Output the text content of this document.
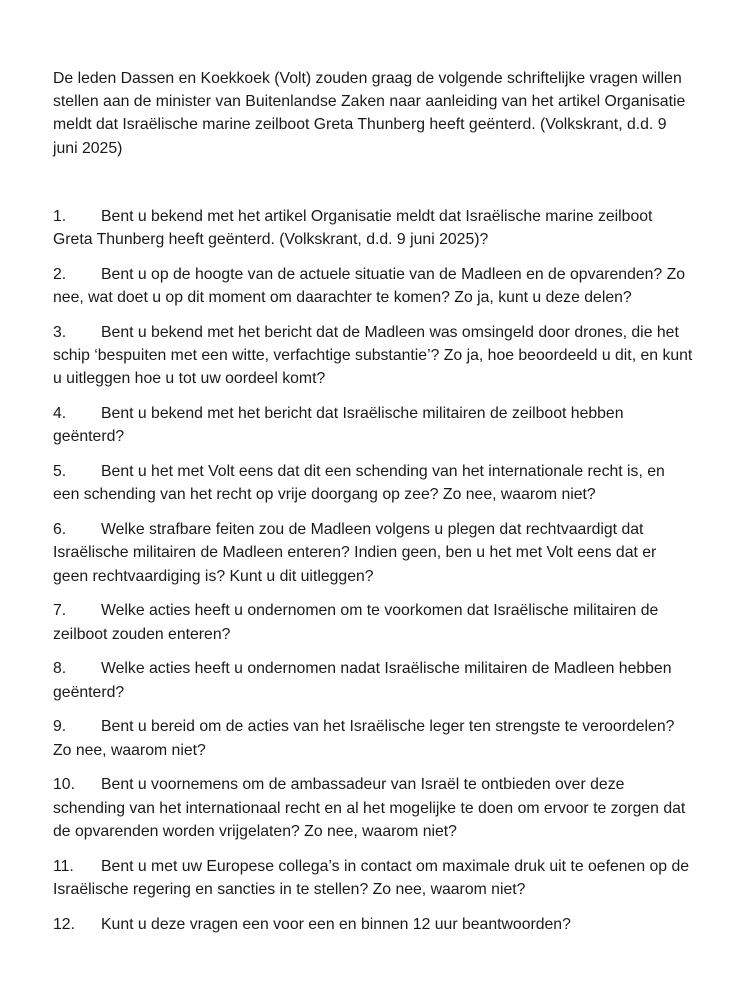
De leden Dassen en Koekkoek (Volt) zouden graag de volgende schriftelijke vragen willen stellen aan de minister van Buitenlandse Zaken naar aanleiding van het artikel Organisatie meldt dat Israëlische marine zeilboot Greta Thunberg heeft geënterd. (Volkskrant, d.d. 9 juni 2025)

1. Bent u bekend met het artikel Organisatie meldt dat Israëlische marine zeilboot Greta Thunberg heeft geënterd. (Volkskrant, d.d. 9 juni 2025)?
2. Bent u op de hoogte van de actuele situatie van de Madleen en de opvarenden? Zo nee, wat doet u op dit moment om daarachter te komen? Zo ja, kunt u deze delen?
3. Bent u bekend met het bericht dat de Madleen was omsingeld door drones, die het schip ‘bespuiten met een witte, verfachtige substantie’? Zo ja, hoe beoordeeld u dit, en kunt u uitleggen hoe u tot uw oordeel komt?
4. Bent u bekend met het bericht dat Israëlische militairen de zeilboot hebben geënterd?
5. Bent u het met Volt eens dat dit een schending van het internationale recht is, en een schending van het recht op vrije doorgang op zee? Zo nee, waarom niet?
6. Welke strafbare feiten zou de Madleen volgens u plegen dat rechtvaardigt dat Israëlische militairen de Madleen enteren? Indien geen, ben u het met Volt eens dat er geen rechtvaardiging is? Kunt u dit uitleggen?
7. Welke acties heeft u ondernomen om te voorkomen dat Israëlische militairen de zeilboot zouden enteren?
8. Welke acties heeft u ondernomen nadat Israëlische militairen de Madleen hebben geënterd?
9. Bent u bereid om de acties van het Israëlische leger ten strengste te veroordelen? Zo nee, waarom niet?
10. Bent u voornemens om de ambassadeur van Israël te ontbieden over deze schending van het internationaal recht en al het mogelijke te doen om ervoor te zorgen dat de opvarenden worden vrijgelaten? Zo nee, waarom niet?
11. Bent u met uw Europese collega’s in contact om maximale druk uit te oefenen op de Israëlische regering en sancties in te stellen? Zo nee, waarom niet?
12. Kunt u deze vragen een voor een en binnen 12 uur beantwoorden?
